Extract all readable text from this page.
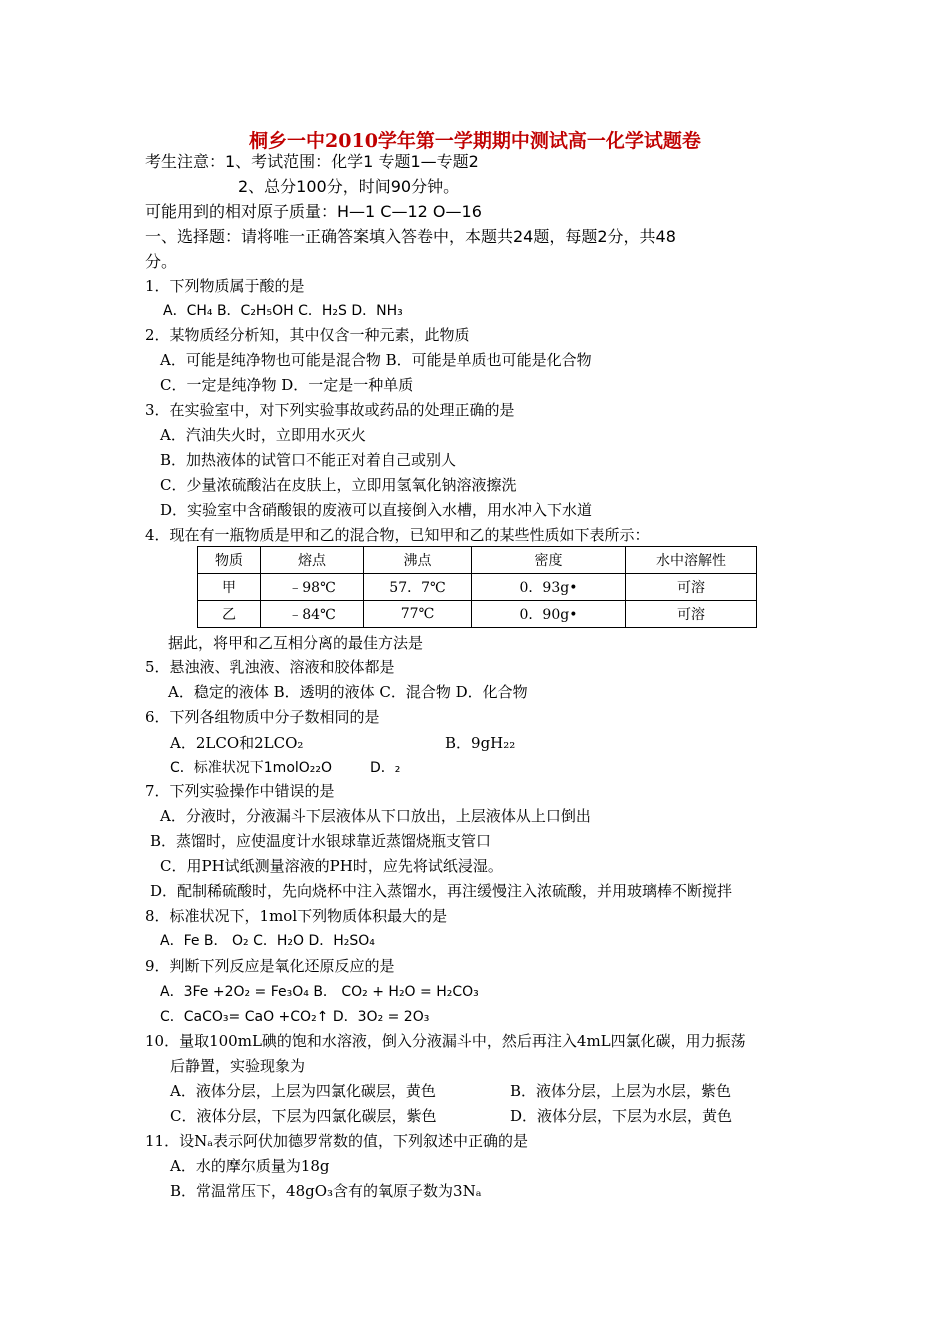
桐乡一中2010学年第一学期期中测试高一化学试题卷
考生注意：1、考试范围：化学1 专题1—专题2
2、总分100分，时间90分钟。
可能用到的相对原子质量：H—1 C—12 O—16
一、选择题：请将唯一正确答案填入答卷中，本题共24题，每题2分，共48
分。
1．下列物质属于酸的是
A．CH₄ B．C₂H₅OH C．H₂S D．NH₃
2．某物质经分析知，其中仅含一种元素，此物质
A．可能是纯净物也可能是混合物 B．可能是单质也可能是化合物
C．一定是纯净物 D．一定是一种单质
3．在实验室中，对下列实验事故或药品的处理正确的是
A．汽油失火时，立即用水灭火
B．加热液体的试管口不能正对着自己或别人
C．少量浓硫酸沾在皮肤上，立即用氢氧化钠溶液擦洗
D．实验室中含硝酸银的废液可以直接倒入水槽，用水冲入下水道
4．现在有一瓶物质是甲和乙的混合物，已知甲和乙的某些性质如下表所示：
物质	熔点	沸点	密度	水中溶解性
甲	﹣98℃	57．7℃	0．93g•	可溶
乙	﹣84℃	77℃	0．90g•	可溶
据此，将甲和乙互相分离的最佳方法是
5．悬浊液、乳浊液、溶液和胶体都是
A．稳定的液体 B．透明的液体 C．混合物 D．化合物
6．下列各组物质中分子数相同的是
A．2LCO和2LCO₂	B．9gH₂₂
C．标准状况下1molO₂₂O	D．₂
7．下列实验操作中错误的是
A．分液时，分液漏斗下层液体从下口放出，上层液体从上口倒出
B．蒸馏时，应使温度计水银球靠近蒸馏烧瓶支管口
C．用PH试纸测量溶液的PH时，应先将试纸浸湿。
D．配制稀硫酸时，先向烧杯中注入蒸馏水，再注缓慢注入浓硫酸，并用玻璃棒不断搅拌
8．标准状况下，1mol下列物质体积最大的是
A．Fe B． O₂ C．H₂O D．H₂SO₄
9．判断下列反应是氧化还原反应的是
A．3Fe +2O₂ = Fe₃O₄ B． CO₂ + H₂O = H₂CO₃
C．CaCO₃= CaO +CO₂↑ D．3O₂ = 2O₃
10．量取100mL碘的饱和水溶液，倒入分液漏斗中，然后再注入4mL四氯化碳，用力振荡
后静置，实验现象为
A．液体分层，上层为四氯化碳层，黄色	B．液体分层，上层为水层，紫色
C．液体分层，下层为四氯化碳层，紫色	D．液体分层，下层为水层，黄色
11．设Nₐ表示阿伏加德罗常数的值，下列叙述中正确的是
A．水的摩尔质量为18g
B．常温常压下，48gO₃含有的氧原子数为3Nₐ
